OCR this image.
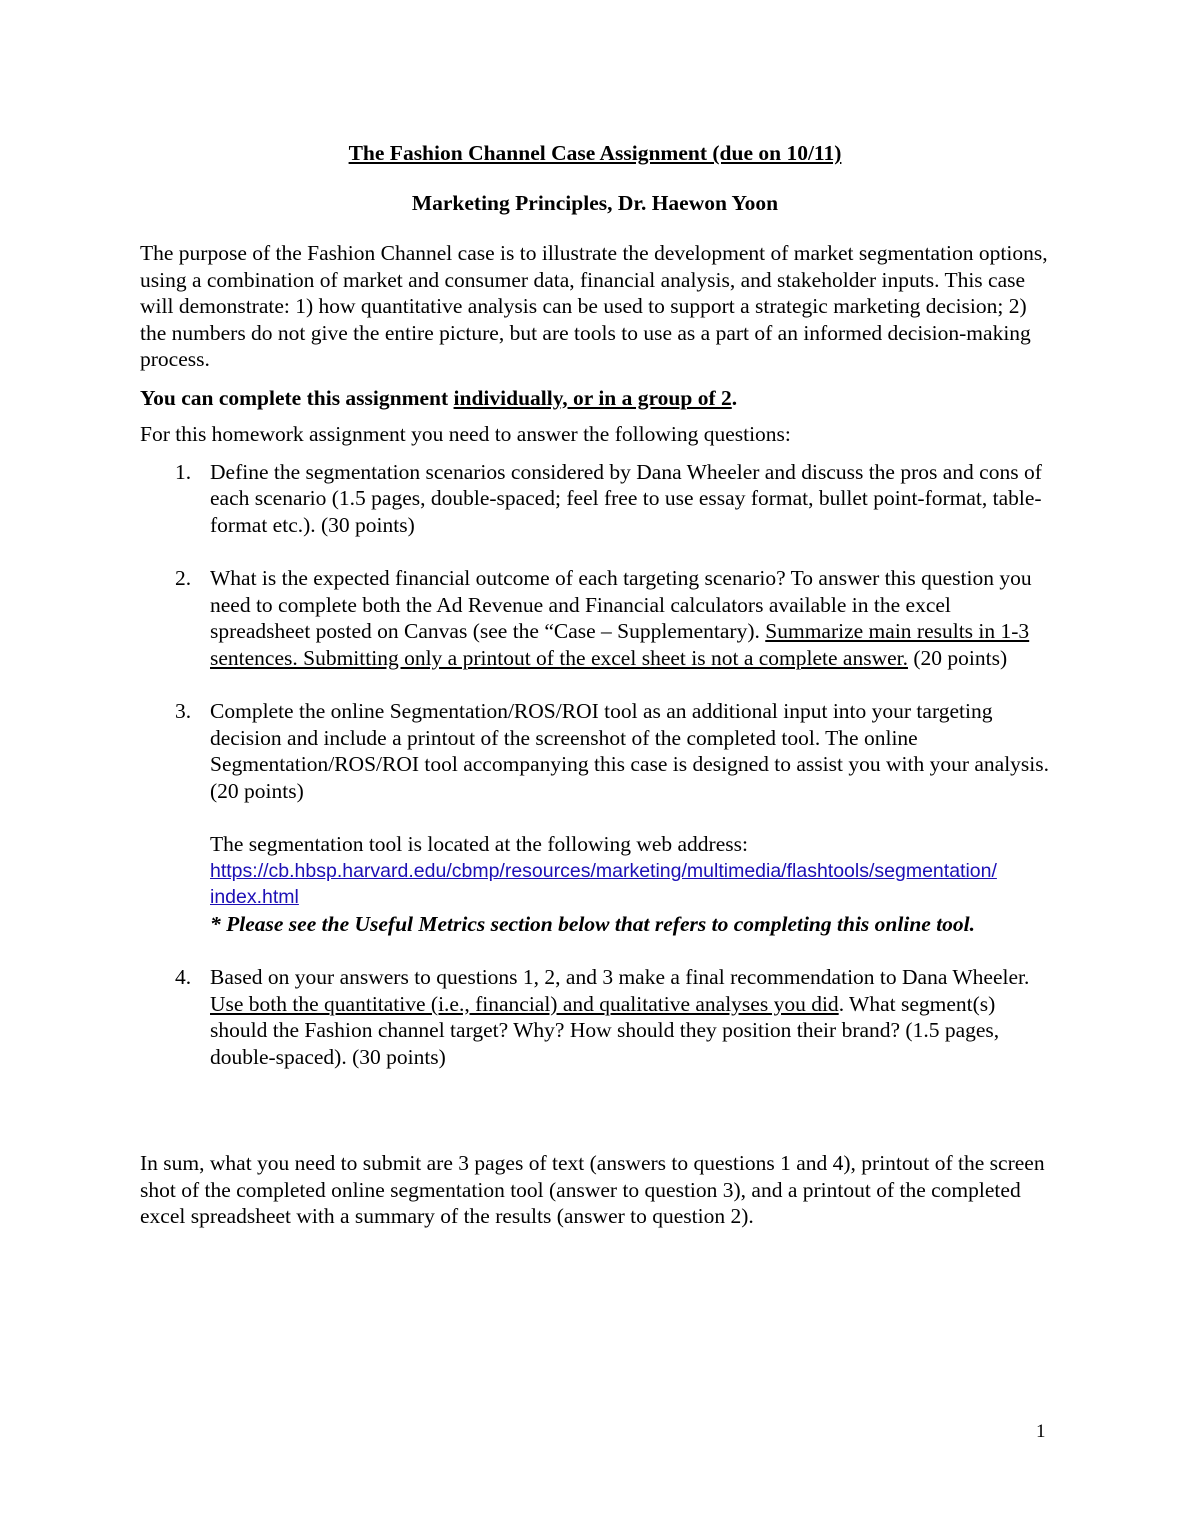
The Fashion Channel Case Assignment (due on 10/11)

Marketing Principles, Dr. Haewon Yoon

The purpose of the Fashion Channel case is to illustrate the development of market segmentation options, using a combination of market and consumer data, financial analysis, and stakeholder inputs. This case will demonstrate: 1) how quantitative analysis can be used to support a strategic marketing decision; 2) the numbers do not give the entire picture, but are tools to use as a part of an informed decision-making process.

You can complete this assignment individually, or in a group of 2.

For this homework assignment you need to answer the following questions:

1. Define the segmentation scenarios considered by Dana Wheeler and discuss the pros and cons of each scenario (1.5 pages, double-spaced; feel free to use essay format, bullet point-format, table-format etc.). (30 points)
2. What is the expected financial outcome of each targeting scenario? To answer this question you need to complete both the Ad Revenue and Financial calculators available in the excel spreadsheet posted on Canvas (see the “Case – Supplementary). Summarize main results in 1-3 sentences. Submitting only a printout of the excel sheet is not a complete answer. (20 points)
3. Complete the online Segmentation/ROS/ROI tool as an additional input into your targeting decision and include a printout of the screenshot of the completed tool. The online Segmentation/ROS/ROI tool accompanying this case is designed to assist you with your analysis. (20 points)
The segmentation tool is located at the following web address:
https://cb.hbsp.harvard.edu/cbmp/resources/marketing/multimedia/flashtools/segmentation/
index.html
* Please see the Useful Metrics section below that refers to completing this online tool.
4. Based on your answers to questions 1, 2, and 3 make a final recommendation to Dana Wheeler. Use both the quantitative (i.e., financial) and qualitative analyses you did. What segment(s) should the Fashion channel target? Why? How should they position their brand? (1.5 pages, double-spaced). (30 points)

In sum, what you need to submit are 3 pages of text (answers to questions 1 and 4), printout of the screen shot of the completed online segmentation tool (answer to question 3), and a printout of the completed excel spreadsheet with a summary of the results (answer to question 2).

1
